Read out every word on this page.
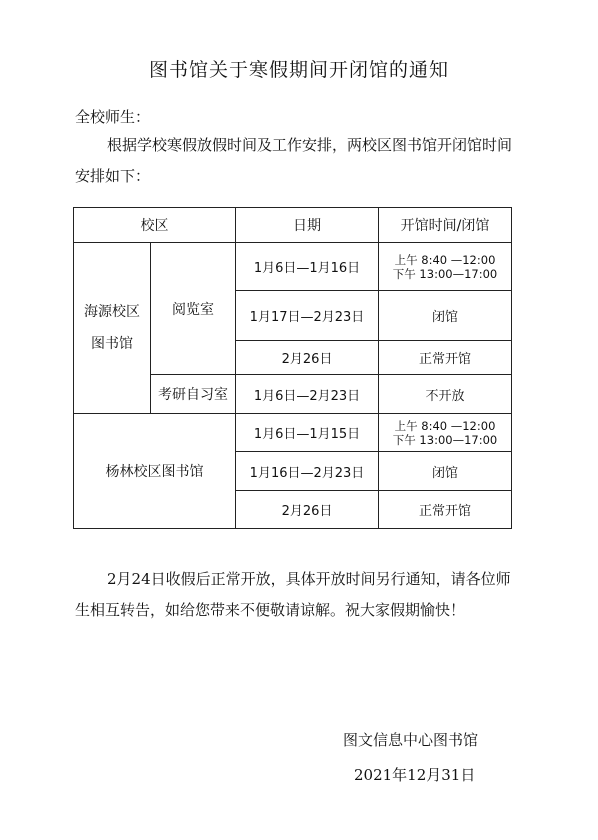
图书馆关于寒假期间开闭馆的通知
全校师生：
根据学校寒假放假时间及工作安排，两校区图书馆开闭馆时间安排如下：
校区		日期	开馆时间/闭馆

海源校区
图书馆	阅览室	1月6日—1月16日	上午 8:40 —12:00
下午 13:00—17:00

		1月17日—2月23日	闭馆
		2月26日	正常开馆
	考研自习室	1月6日—2月23日	不开放
杨林校区图书馆		1月6日—1月15日	上午 8:40 —12:00
下午 13:00—17:00

		1月16日—2月23日	闭馆
		2月26日	正常开馆
2月24日收假后正常开放，具体开放时间另行通知，请各位师生相互转告，如给您带来不便敬请谅解。祝大家假期愉快！
图文信息中心图书馆
2021年12月31日
